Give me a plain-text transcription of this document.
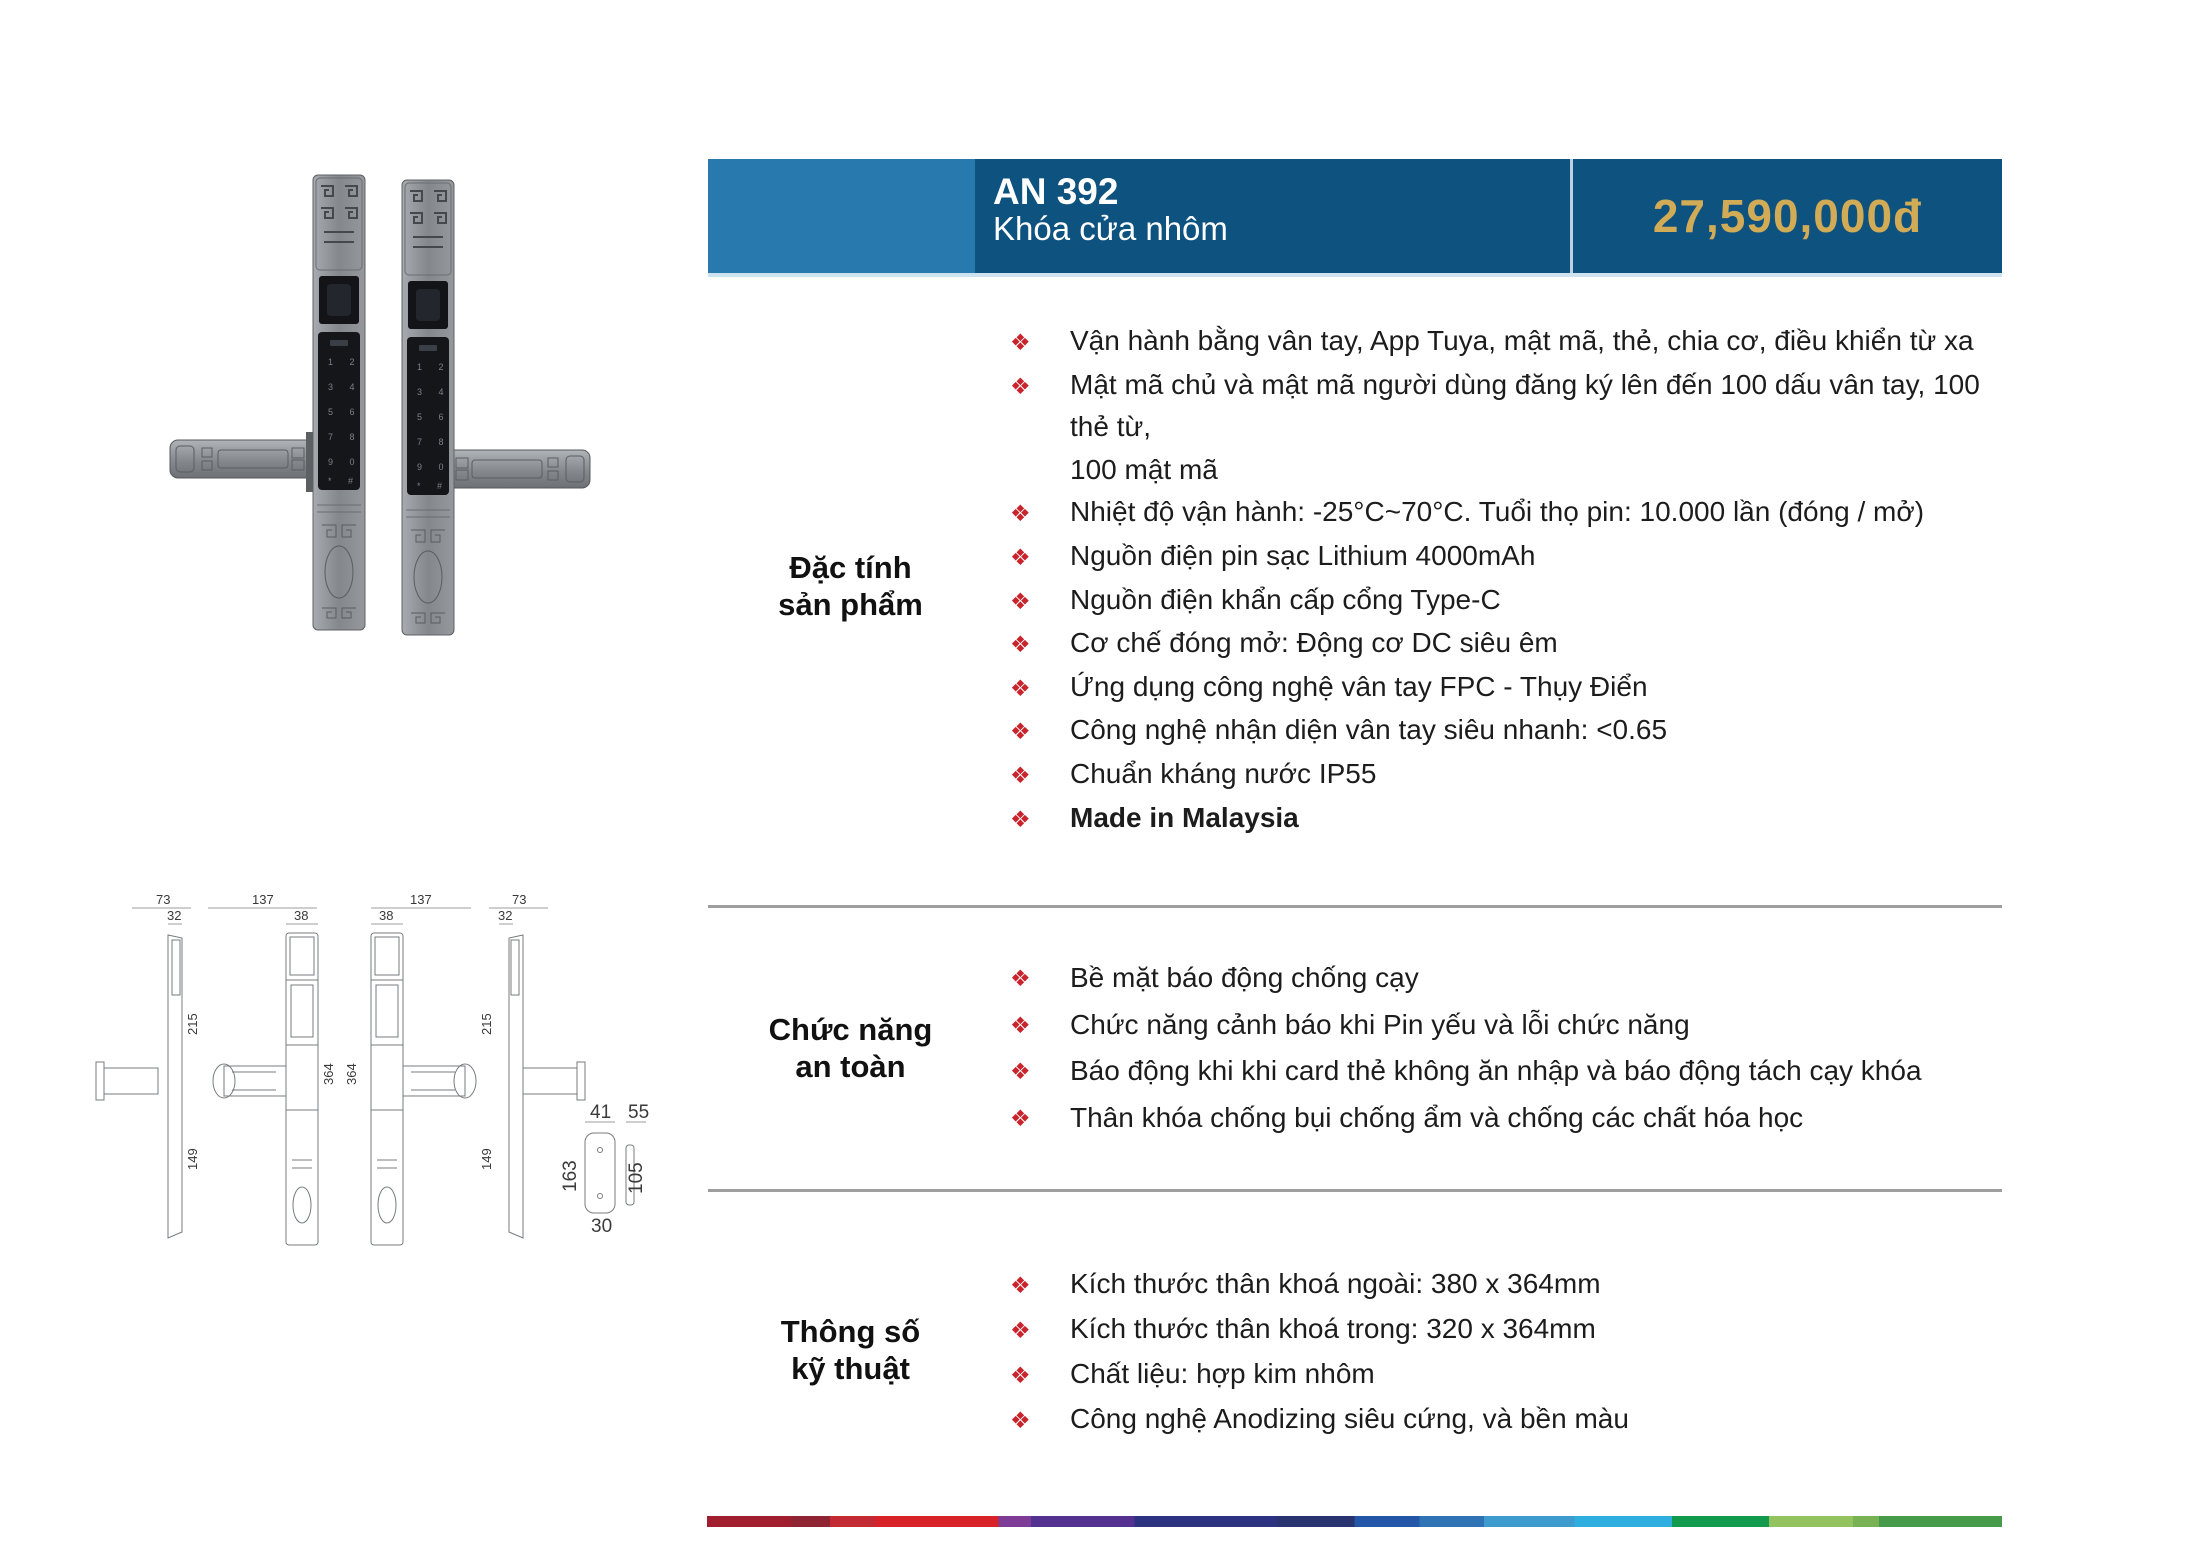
1 2
3 4
5 6
7 8
9 0
* #
1 2
3 4
5 6
7 8
9 0
* #
73	137	137	73
32	38	38	32
215	215
149	149
364 364
41 55
163 105
30
AN 392
Khóa cửa nhôm	27,590,000đ
Đặc tính
sản phẩm
❖	Vận hành bằng vân tay, App Tuya, mật mã, thẻ, chia cơ, điều khiển từ xa
❖	Mật mã chủ và mật mã người dùng đăng ký lên đến 100 dấu vân tay, 100 thẻ từ,
100 mật mã
❖	Nhiệt độ vận hành: -25°C~70°C. Tuổi thọ pin: 10.000 lần (đóng / mở)
❖	Nguồn điện pin sạc Lithium 4000mAh
❖	Nguồn điện khẩn cấp cổng Type-C
❖	Cơ chế đóng mở: Động cơ DC siêu êm
❖	Ứng dụng công nghệ vân tay FPC - Thụy Điển
❖	Công nghệ nhận diện vân tay siêu nhanh: <0.65
❖	Chuẩn kháng nước IP55
❖	Made in Malaysia
Chức năng
an toàn
❖	Bề mặt báo động chống cạy
❖	Chức năng cảnh báo khi Pin yếu và lỗi chức năng
❖	Báo động khi khi card thẻ không ăn nhập và báo động tách cạy khóa
❖	Thân khóa chống bụi chống ẩm và chống các chất hóa học
Thông số
kỹ thuật
❖	Kích thước thân khoá ngoài: 380 x 364mm
❖	Kích thước thân khoá trong: 320 x 364mm
❖	Chất liệu: hợp kim nhôm
❖	Công nghệ Anodizing siêu cứng, và bền màu
